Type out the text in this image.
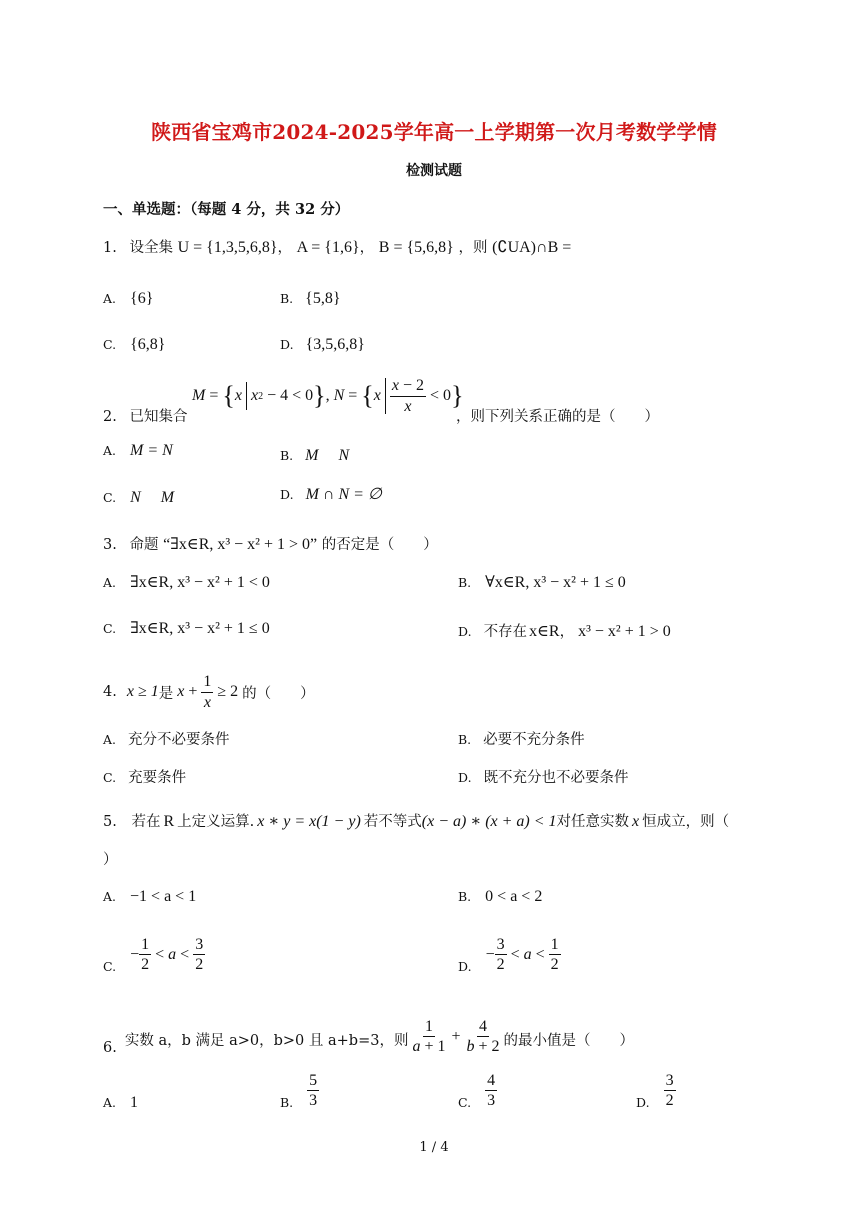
陕西省宝鸡市2024-2025学年高一上学期第一次月考数学学情
检测试题
一、单选题：（每题 4 分，共 32 分）
1. 设全集 U = {1,3,5,6,8}， A = {1,6}， B = {5,6,8} ，则 (∁UA)∩B =
A. {6}	B. {5,8}
C. {6,8}	D. {3,5,6,8}
M = { x

x 2 − 4 < 0 } , N = { x

$\frac{x - 2}{x} < 0$ }
2. 已知集合	，则下列关系正确的是（　　）
A. M = N	B. M　 N
C. N　 M	D. M ∩ N = ∅
3. 命题 “∃x∈R, x³ − x² + 1 > 0” 的否定是（　　）
A. ∃x∈R, x³ − x² + 1 < 0	B. ∀x∈R, x³ − x² + 1 ≤ 0
C. ∃x∈R, x³ − x² + 1 ≤ 0	D. 不存在 x∈R， x³ − x² + 1 > 0
4. x ≥ 1 是 $x + \frac{1}{x} \ge 2$ 的（　　）
A. 充分不必要条件	B. 必要不充分条件
C. 充要条件	D. 既不充分也不必要条件
5. 若在 R 上定义运算. x ∗ y = x(1 − y) 若不等式(x − a) ∗ (x + a) < 1对任意实数 x 恒成立，则（
）
A. −1 < a < 1	B. 0 < a < 2
C.
− $\frac{1}{2} < a < \frac{3}{2}$	D.
− $\frac{3}{2} < a < \frac{1}{2}$
6. 实数 a，b 满足 a>0，b>0 且 a+b=3，则 $\frac{1}{a + 1} + \frac{4}{b + 2}$ 的最小值是（　　）
A. 1	B. $\frac{5}{3}$	C. $\frac{4}{3}$	D. $\frac{3}{2}$
1 / 4
